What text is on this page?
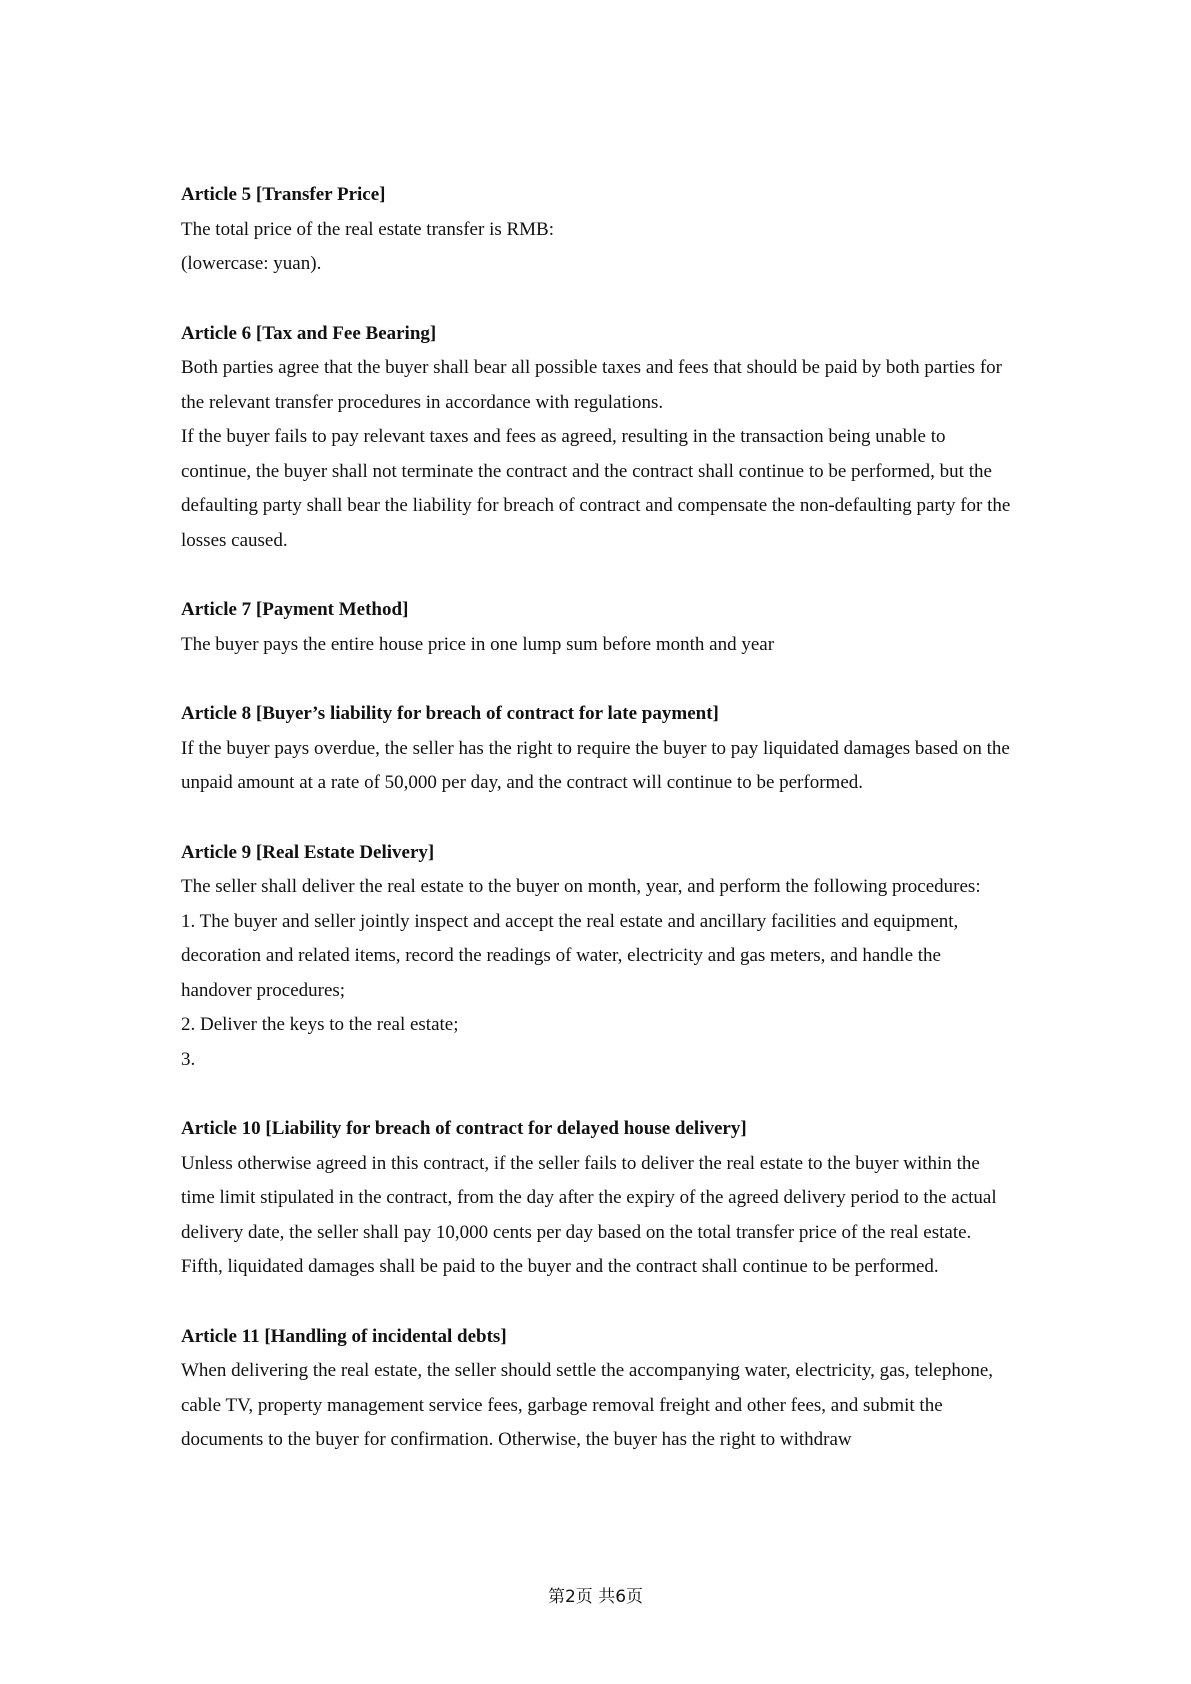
Article 5 [Transfer Price]

The total price of the real estate transfer is RMB:

(lowercase: yuan).

Article 6 [Tax and Fee Bearing]

Both parties agree that the buyer shall bear all possible taxes and fees that should be paid by both parties for the relevant transfer procedures in accordance with regulations.

If the buyer fails to pay relevant taxes and fees as agreed, resulting in the transaction being unable to continue, the buyer shall not terminate the contract and the contract shall continue to be performed, but the defaulting party shall bear the liability for breach of contract and compensate the non-defaulting party for the losses caused.

Article 7 [Payment Method]

The buyer pays the entire house price in one lump sum before month and year

Article 8 [Buyer’s liability for breach of contract for late payment]

If the buyer pays overdue, the seller has the right to require the buyer to pay liquidated damages based on the unpaid amount at a rate of 50,000 per day, and the contract will continue to be performed.

Article 9 [Real Estate Delivery]

The seller shall deliver the real estate to the buyer on month, year, and perform the following procedures:

1. The buyer and seller jointly inspect and accept the real estate and ancillary facilities and equipment, decoration and related items, record the readings of water, electricity and gas meters, and handle the handover procedures;

2. Deliver the keys to the real estate;

3.

Article 10 [Liability for breach of contract for delayed house delivery]

Unless otherwise agreed in this contract, if the seller fails to deliver the real estate to the buyer within the time limit stipulated in the contract, from the day after the expiry of the agreed delivery period to the actual delivery date, the seller shall pay 10,000 cents per day based on the total transfer price of the real estate. Fifth, liquidated damages shall be paid to the buyer and the contract shall continue to be performed.

Article 11 [Handling of incidental debts]

When delivering the real estate, the seller should settle the accompanying water, electricity, gas, telephone, cable TV, property management service fees, garbage removal freight and other fees, and submit the documents to the buyer for confirmation. Otherwise, the buyer has the right to withdraw

第2页 共6页
